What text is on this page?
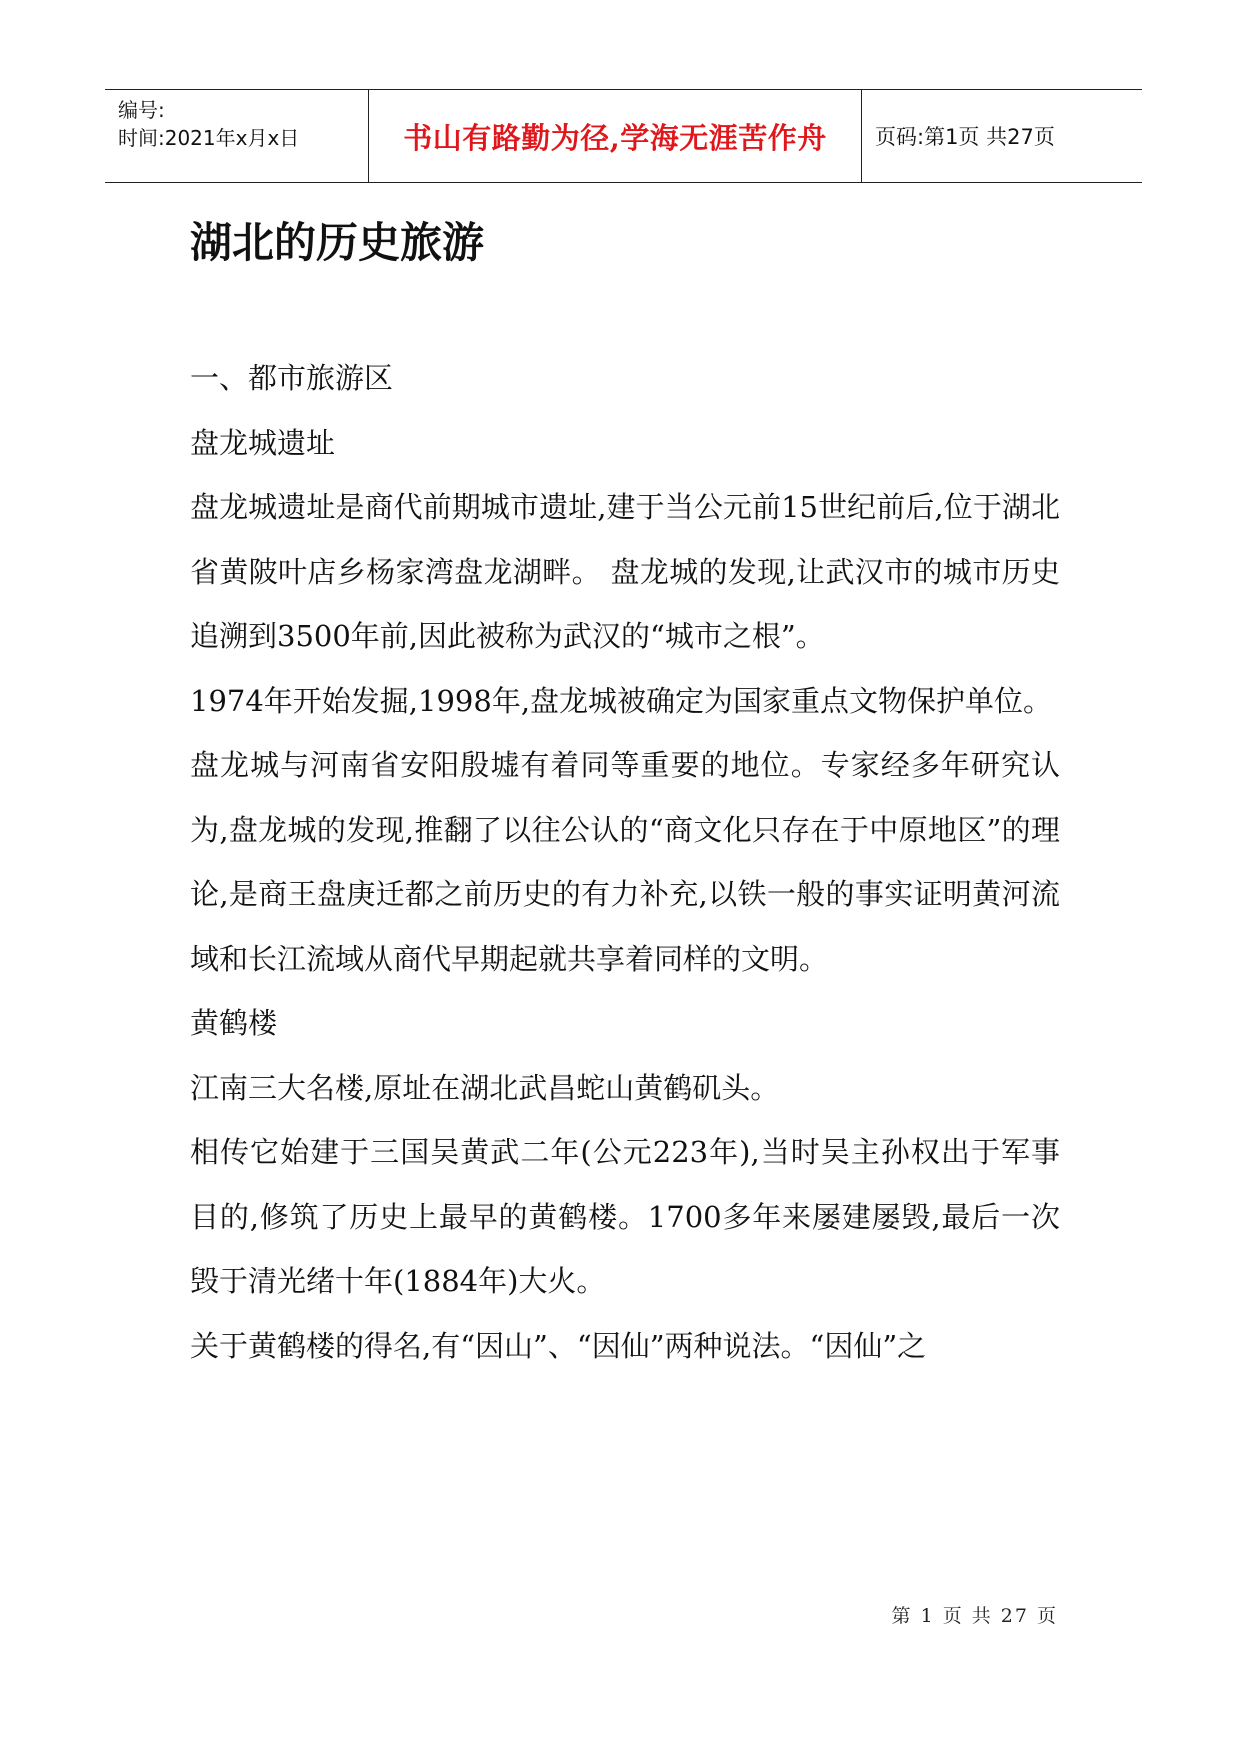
编号:
时间:2021年x月x日	书山有路勤为径,学海无涯苦作舟	页码:第1页 共27页
湖北的历史旅游

一、都市旅游区

盘龙城遗址

盘龙城遗址是商代前期城市遗址,建于当公元前15世纪前后,位于湖北省黄陂叶店乡杨家湾盘龙湖畔。 盘龙城的发现,让武汉市的城市历史追溯到3500年前,因此被称为武汉的“城市之根”。

1974年开始发掘,1998年,盘龙城被确定为国家重点文物保护单位。

盘龙城与河南省安阳殷墟有着同等重要的地位。专家经多年研究认为,盘龙城的发现,推翻了以往公认的“商文化只存在于中原地区”的理论,是商王盘庚迁都之前历史的有力补充,以铁一般的事实证明黄河流域和长江流域从商代早期起就共享着同样的文明。

黄鹤楼

江南三大名楼,原址在湖北武昌蛇山黄鹤矶头。

相传它始建于三国吴黄武二年(公元223年),当时吴主孙权出于军事目的,修筑了历史上最早的黄鹤楼。1700多年来屡建屡毁,最后一次毁于清光绪十年(1884年)大火。

关于黄鹤楼的得名,有“因山”、“因仙”两种说法。“因仙”之

第 1 页 共 27 页
